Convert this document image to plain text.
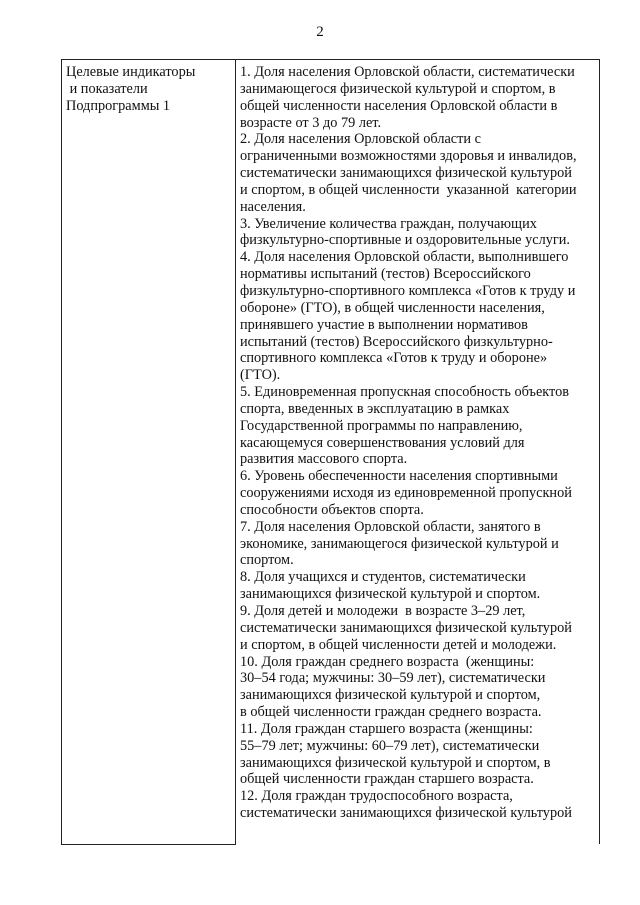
2
Целевые индикаторы
и показатели
Подпрограммы 1

1. Доля населения Орловской области, систематически
занимающегося физической культурой и спортом, в
общей численности населения Орловской области в
возрасте от 3 до 79 лет.
2. Доля населения Орловской области с
ограниченными возможностями здоровья и инвалидов,
систематически занимающихся физической культурой
и спортом, в общей численности  указанной  категории
населения.
3. Увеличение количества граждан, получающих
физкультурно-спортивные и оздоровительные услуги.
4. Доля населения Орловской области, выполнившего
нормативы испытаний (тестов) Всероссийского
физкультурно-спортивного комплекса «Готов к труду и
обороне» (ГТО), в общей численности населения,
принявшего участие в выполнении нормативов
испытаний (тестов) Всероссийского физкультурно-
спортивного комплекса «Готов к труду и обороне»
(ГТО).
5. Единовременная пропускная способность объектов
спорта, введенных в эксплуатацию в рамках
Государственной программы по направлению,
касающемуся совершенствования условий для
развития массового спорта.
6. Уровень обеспеченности населения спортивными
сооружениями исходя из единовременной пропускной
способности объектов спорта.
7. Доля населения Орловской области, занятого в
экономике, занимающегося физической культурой и
спортом.
8. Доля учащихся и студентов, систематически
занимающихся физической культурой и спортом.
9. Доля детей и молодежи  в возрасте 3–29 лет,
систематически занимающихся физической культурой
и спортом, в общей численности детей и молодежи.
10. Доля граждан среднего возраста  (женщины:
30–54 года; мужчины: 30–59 лет), систематически
занимающихся физической культурой и спортом,
в общей численности граждан среднего возраста.
11. Доля граждан старшего возраста (женщины:
55–79 лет; мужчины: 60–79 лет), систематически
занимающихся физической культурой и спортом, в
общей численности граждан старшего возраста.
12. Доля граждан трудоспособного возраста,
систематически занимающихся физической культурой
